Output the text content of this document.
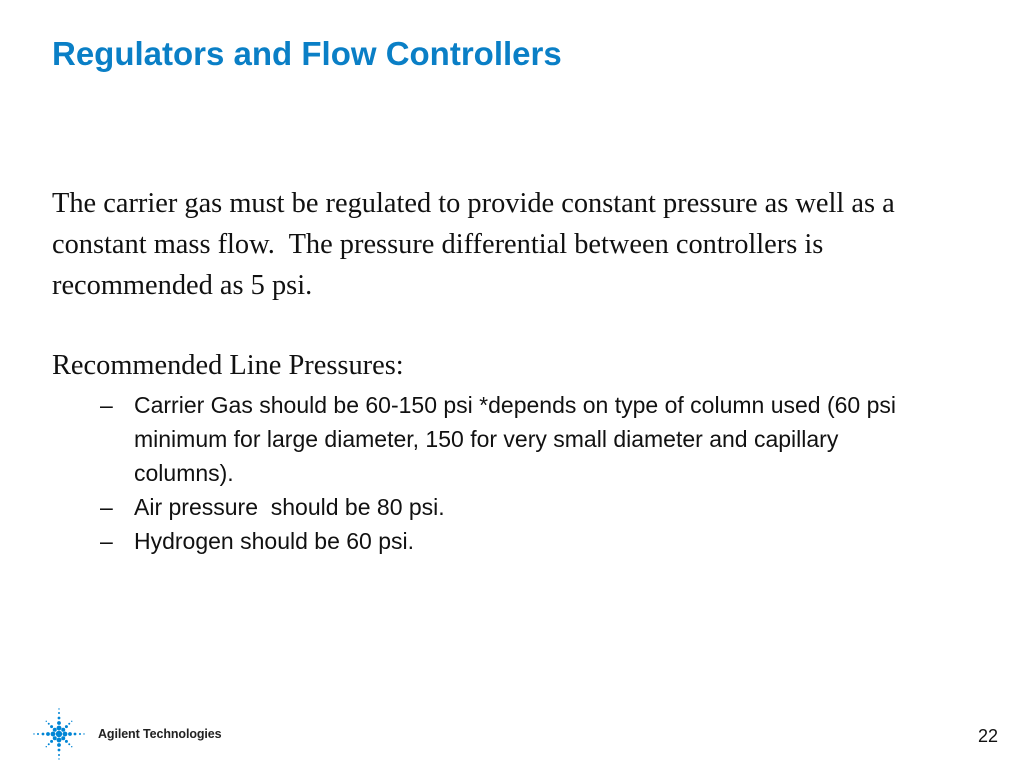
Regulators and Flow Controllers

The carrier gas must be regulated to provide constant pressure as well as a constant mass flow.  The pressure differential between controllers is recommended as 5 psi.

Recommended Line Pressures:

– Carrier Gas should be 60-150 psi *depends on type of column used (60 psi minimum for large diameter, 150 for very small diameter and capillary columns).
– Air pressure  should be 80 psi.
– Hydrogen should be 60 psi.
Agilent Technologies	22
